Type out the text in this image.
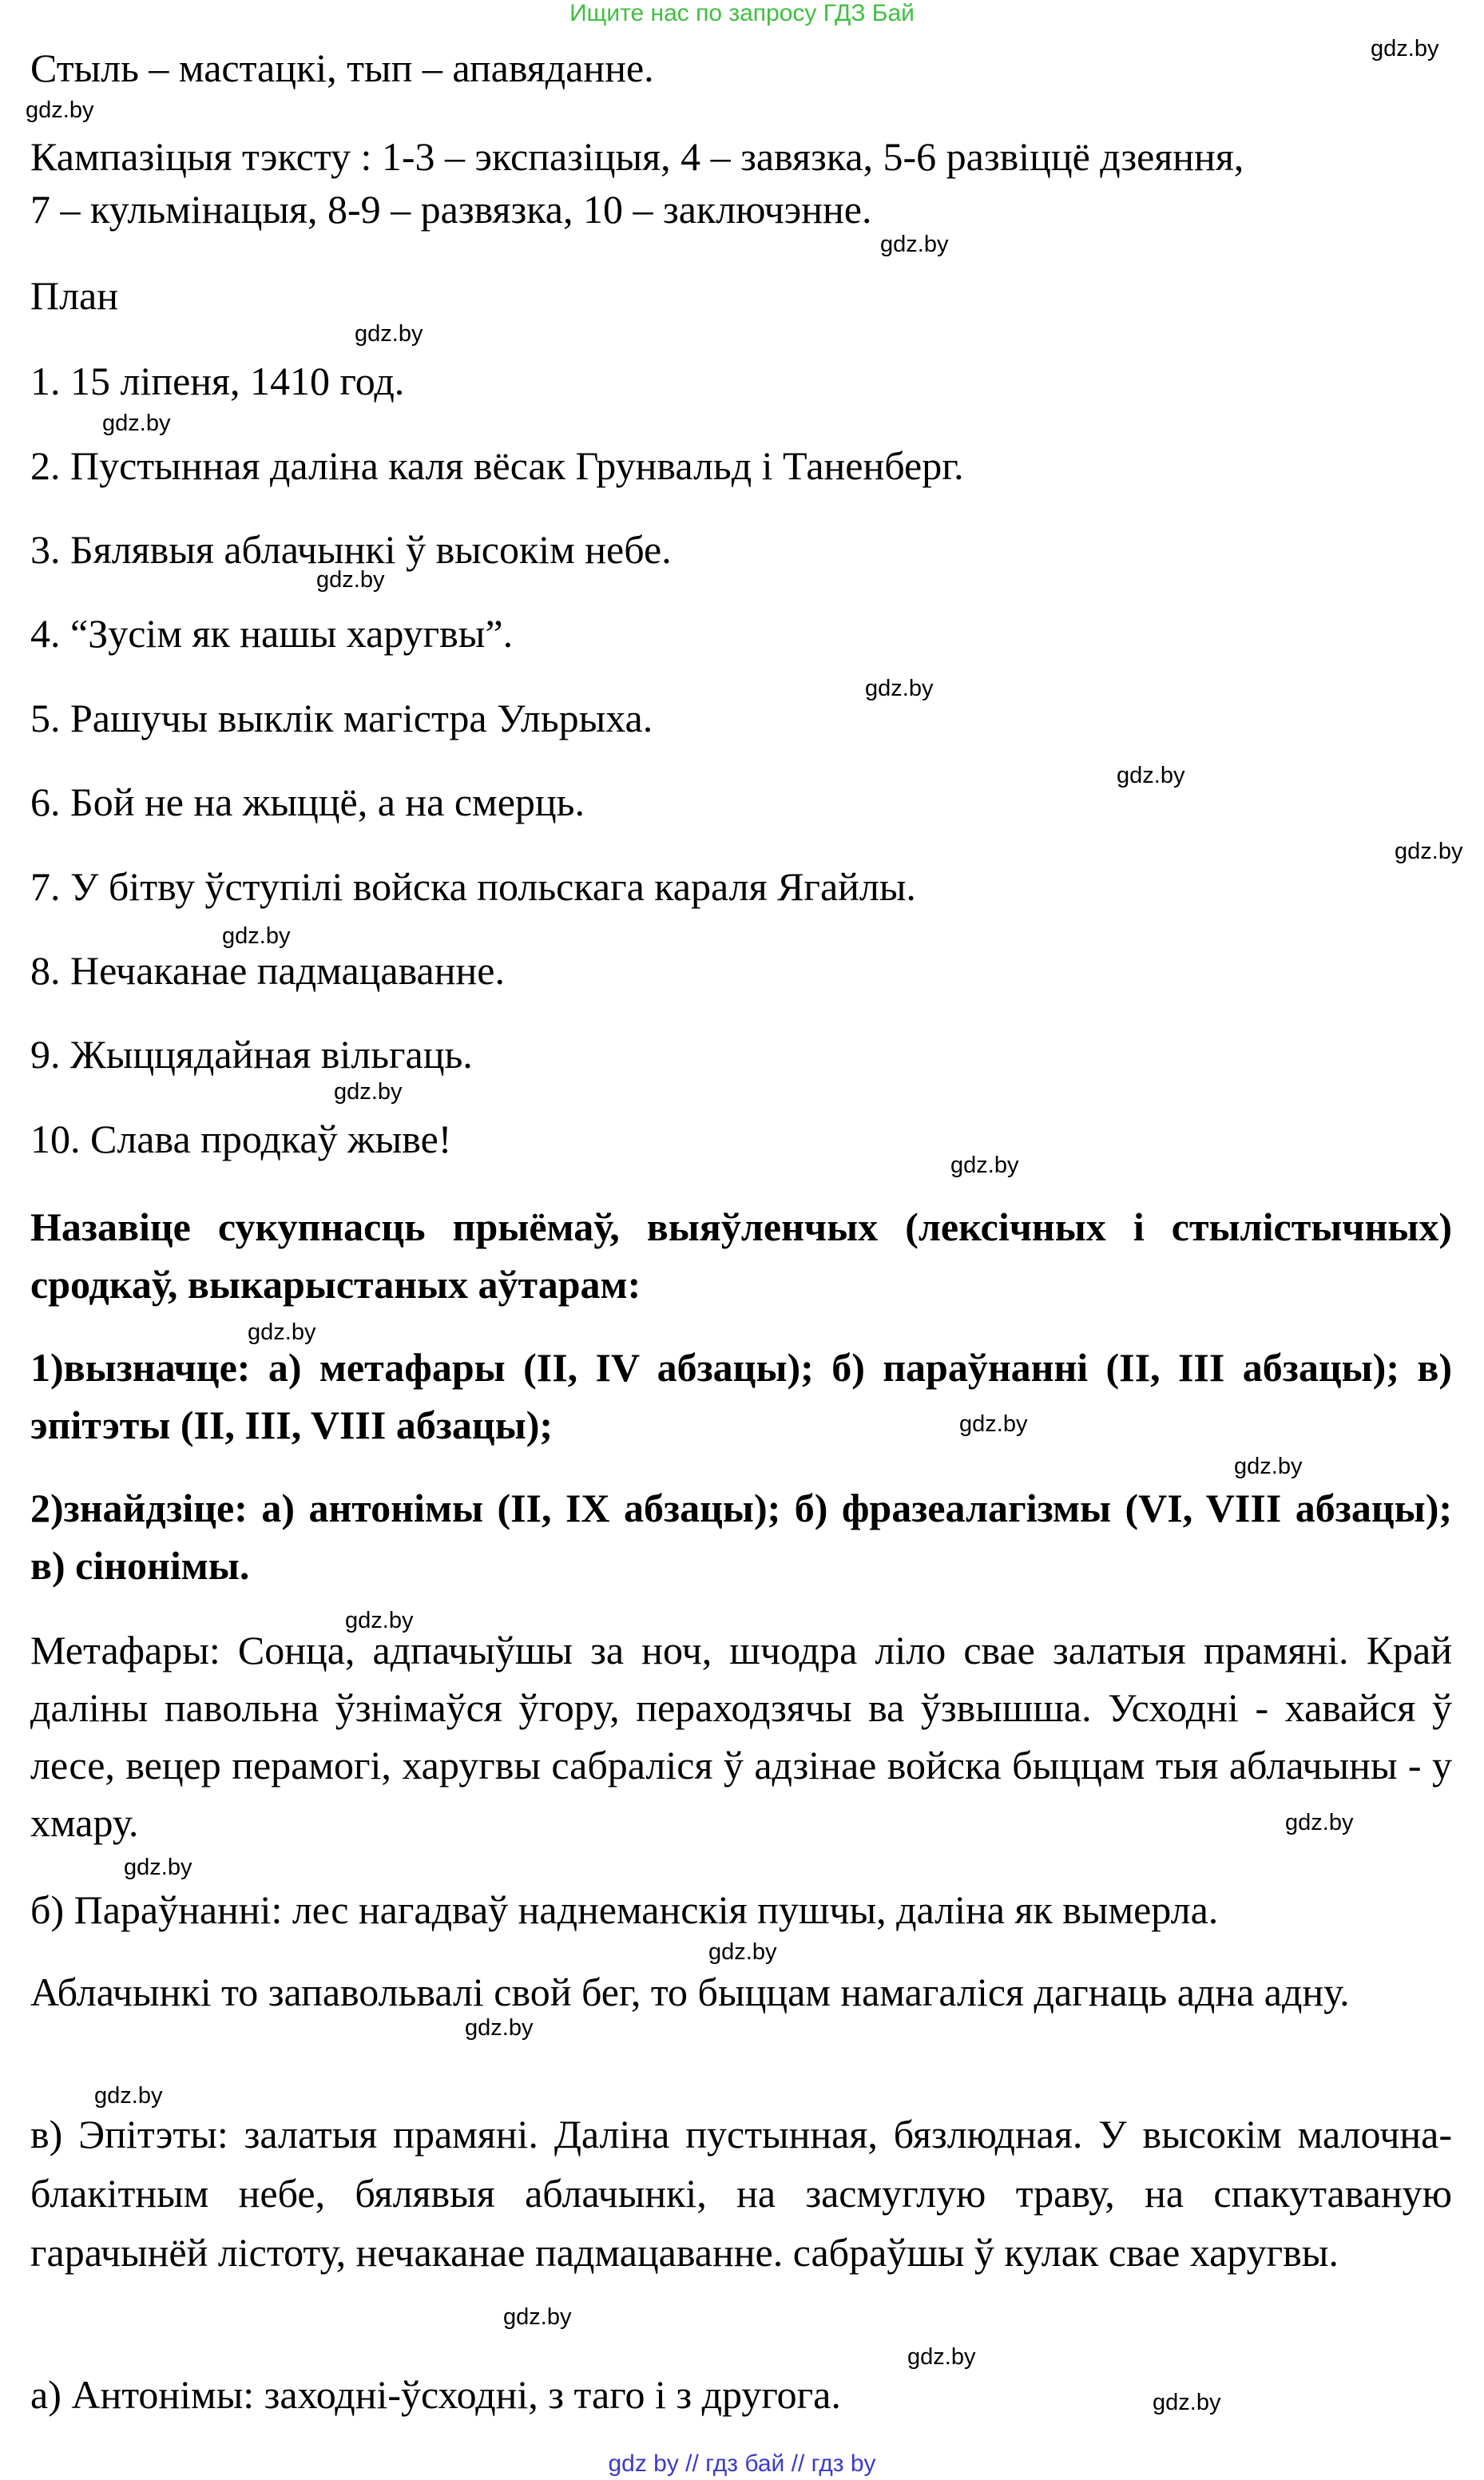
Ищите нас по запросу ГДЗ Бай
Стыль – мастацкі, тып – апавяданне.
Кампазіцыя тэксту : 1-3 – экспазіцыя, 4 – завязка, 5-6 развіццё дзеяння,
7 – кульмінацыя, 8-9 – развязка, 10 – заключэнне.
План
1. 15 ліпеня, 1410 год.
2. Пустынная даліна каля вёсак Грунвальд і Таненберг.
3. Бялявыя аблачынкі ў высокім небе.
4. “Зусім як нашы харугвы”.
5. Рашучы выклік магістра Ульрыха.
6. Бой не на жыццё, а на смерць.
7. У бітву ўступілі войска польскага караля Ягайлы.
8. Нечаканае падмацаванне.
9. Жыццядайная вільгаць.
10. Слава продкаў жыве!
Назавіце сукупнасць прыёмаў, выяўленчых (лексічных і стылістычных) сродкаў, выкарыстаных аўтарам:
1)вызначце: а) метафары (II, IV абзацы); б) параўнанні (II, III абзацы); в) эпітэты (II, III, VIII абзацы);
2)знайдзіце: а) антонімы (II, IX абзацы); б) фразеалагізмы (VI, VIII абзацы); в) сінонімы.
Метафары: Сонца, адпачыўшы за ноч, шчодра ліло свае залатыя прамяні. Край даліны павольна ўзнімаўся ўгору, пераходзячы ва ўзвышша. Усходні - хавайся ў лесе, вецер перамогі, харугвы сабраліся ў адзінае войска быццам тыя аблачыны - у хмару.
б) Параўнанні: лес нагадваў наднеманскія пушчы, даліна як вымерла.
Аблачынкі то запавольвалі свой бег, то быццам намагаліся дагнаць адна адну.
в) Эпітэты: залатыя прамяні. Даліна пустынная, бязлюдная. У высокім малочна-блакітным небе, бялявыя аблачынкі, на засмуглую траву, на спакутаваную гарачынёй лістоту, нечаканае падмацаванне. сабраўшы ў кулак свае харугвы.
а) Антонімы: заходні-ўсходні, з таго і з другога.
gdz.by
gdz.by
gdz.by
gdz.by
gdz.by
gdz.by
gdz.by
gdz.by
gdz.by
gdz.by
gdz.by
gdz.by
gdz.by
gdz.by
gdz.by
gdz.by
gdz.by
gdz.by
gdz.by
gdz.by
gdz.by
gdz.by
gdz.by
gdz.by
gdz by // гдз бай // гдз by
